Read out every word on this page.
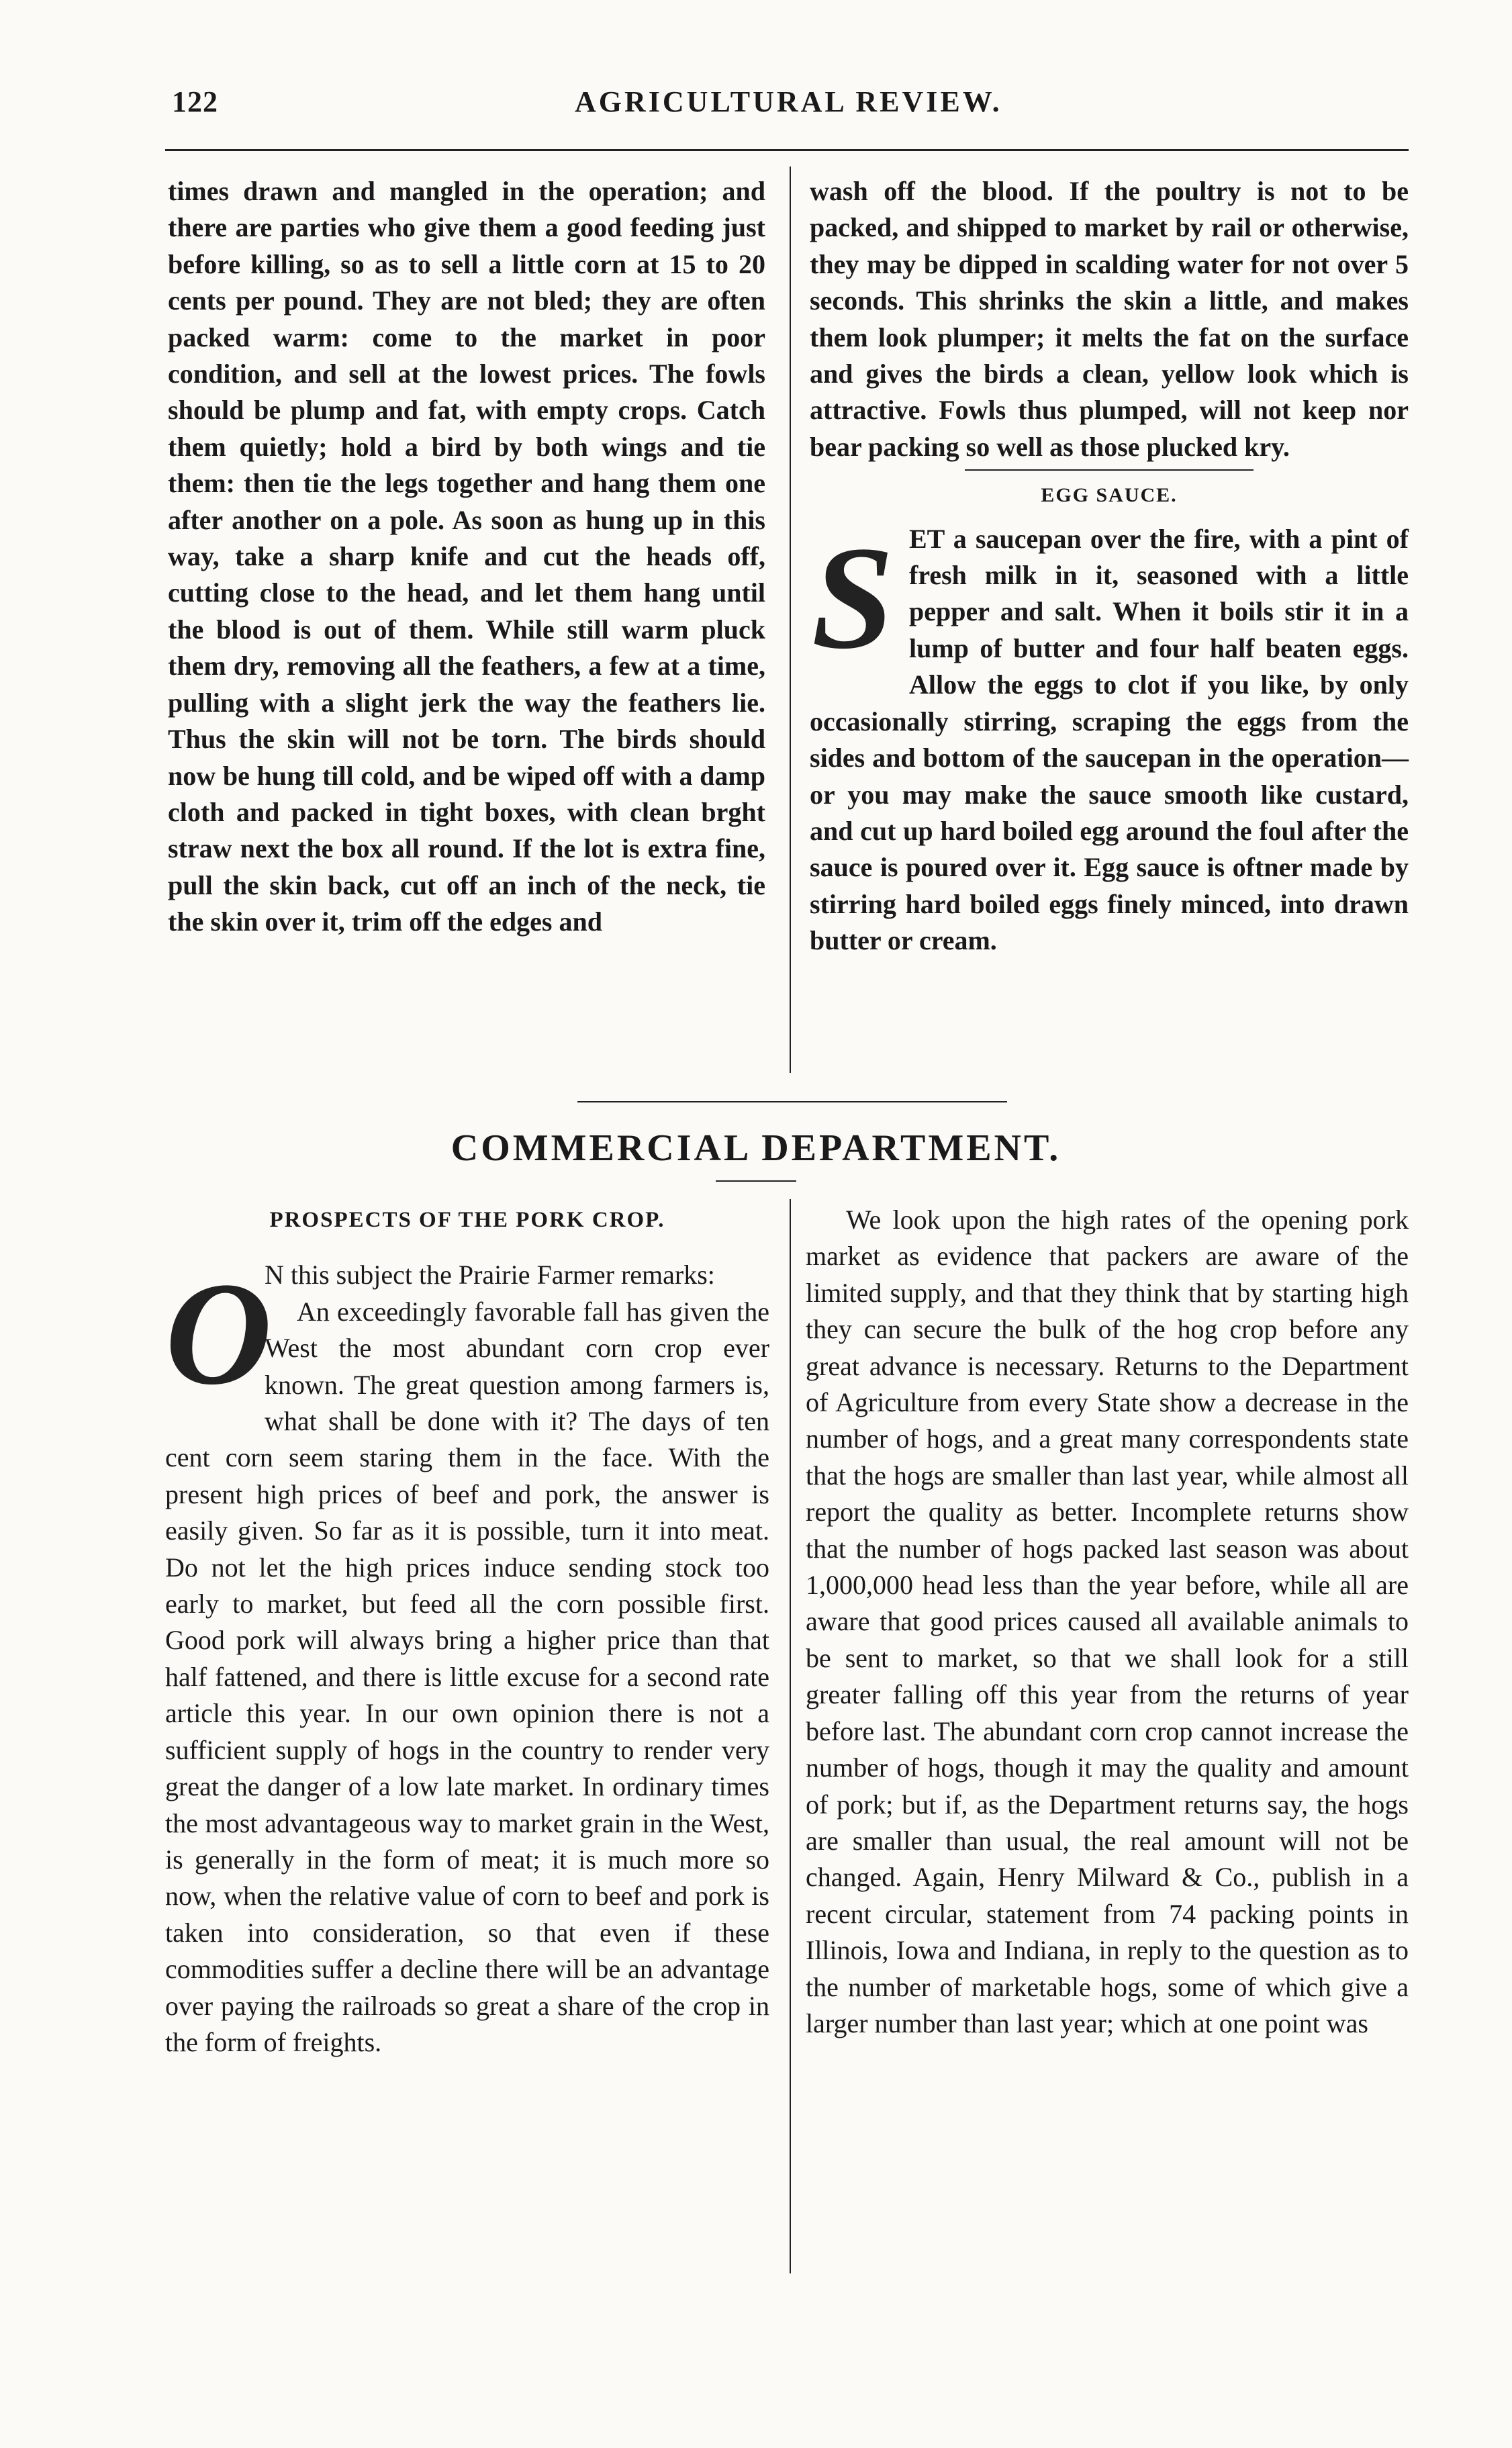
122	AGRICULTURAL REVIEW.

times drawn and mangled in the operation; and there are parties who give them a good feeding just before killing, so as to sell a little corn at 15 to 20 cents per pound. They are not bled; they are often packed warm: come to the market in poor condition, and sell at the lowest prices. The fowls should be plump and fat, with empty crops. Catch them quietly; hold a bird by both wings and tie them: then tie the legs together and hang them one after another on a pole. As soon as hung up in this way, take a sharp knife and cut the heads off, cutting close to the head, and let them hang until the blood is out of them. While still warm pluck them dry, removing all the feathers, a few at a time, pulling with a slight jerk the way the feathers lie. Thus the skin will not be torn. The birds should now be hung till cold, and be wiped off with a damp cloth and packed in tight boxes, with clean brght straw next the box all round. If the lot is extra fine, pull the skin back, cut off an inch of the neck, tie the skin over it, trim off the edges and

wash off the blood. If the poultry is not to be packed, and shipped to market by rail or otherwise, they may be dipped in scalding water for not over 5 seconds. This shrinks the skin a little, and makes them look plumper; it melts the fat on the surface and gives the birds a clean, yellow look which is attractive. Fowls thus plumped, will not keep nor bear packing so well as those plucked kry.

EGG SAUCE.

SET a saucepan over the fire, with a pint of fresh milk in it, seasoned with a little pepper and salt. When it boils stir it in a lump of butter and four half beaten eggs. Allow the eggs to clot if you like, by only occasionally stirring, scraping the eggs from the sides and bottom of the saucepan in the operation—or you may make the sauce smooth like custard, and cut up hard boiled egg around the foul after the sauce is poured over it. Egg sauce is oftner made by stirring hard boiled eggs finely minced, into drawn butter or cream.

COMMERCIAL DEPARTMENT.
PROSPECTS OF THE PORK CROP.

O
N this subject the Prairie Farmer remarks:

An exceedingly favorable fall has given the West the most abundant corn crop ever known. The great question among farmers is, what shall be done with it? The days of ten cent corn seem staring them in the face. With the present high prices of beef and pork, the answer is easily given. So far as it is possible, turn it into meat. Do not let the high prices induce sending stock too early to market, but feed all the corn possible first. Good pork will always bring a higher price than that half fattened, and there is little excuse for a second rate article this year. In our own opinion there is not a sufficient supply of hogs in the country to render very great the danger of a low late market. In ordinary times the most advantageous way to market grain in the West, is generally in the form of meat; it is much more so now, when the relative value of corn to beef and pork is taken into consideration, so that even if these commodities suffer a decline there will be an advantage over paying the railroads so great a share of the crop in the form of freights.

We look upon the high rates of the opening pork market as evidence that packers are aware of the limited supply, and that they think that by starting high they can secure the bulk of the hog crop before any great advance is necessary. Returns to the Department of Agriculture from every State show a decrease in the number of hogs, and a great many correspondents state that the hogs are smaller than last year, while almost all report the quality as better. Incomplete returns show that the number of hogs packed last season was about 1,000,000 head less than the year before, while all are aware that good prices caused all available animals to be sent to market, so that we shall look for a still greater falling off this year from the returns of year before last. The abundant corn crop cannot increase the number of hogs, though it may the quality and amount of pork; but if, as the Department returns say, the hogs are smaller than usual, the real amount will not be changed. Again, Henry Milward & Co., publish in a recent circular, statement from 74 packing points in Illinois, Iowa and Indiana, in reply to the question as to the number of marketable hogs, some of which give a larger number than last year; which at one point was
